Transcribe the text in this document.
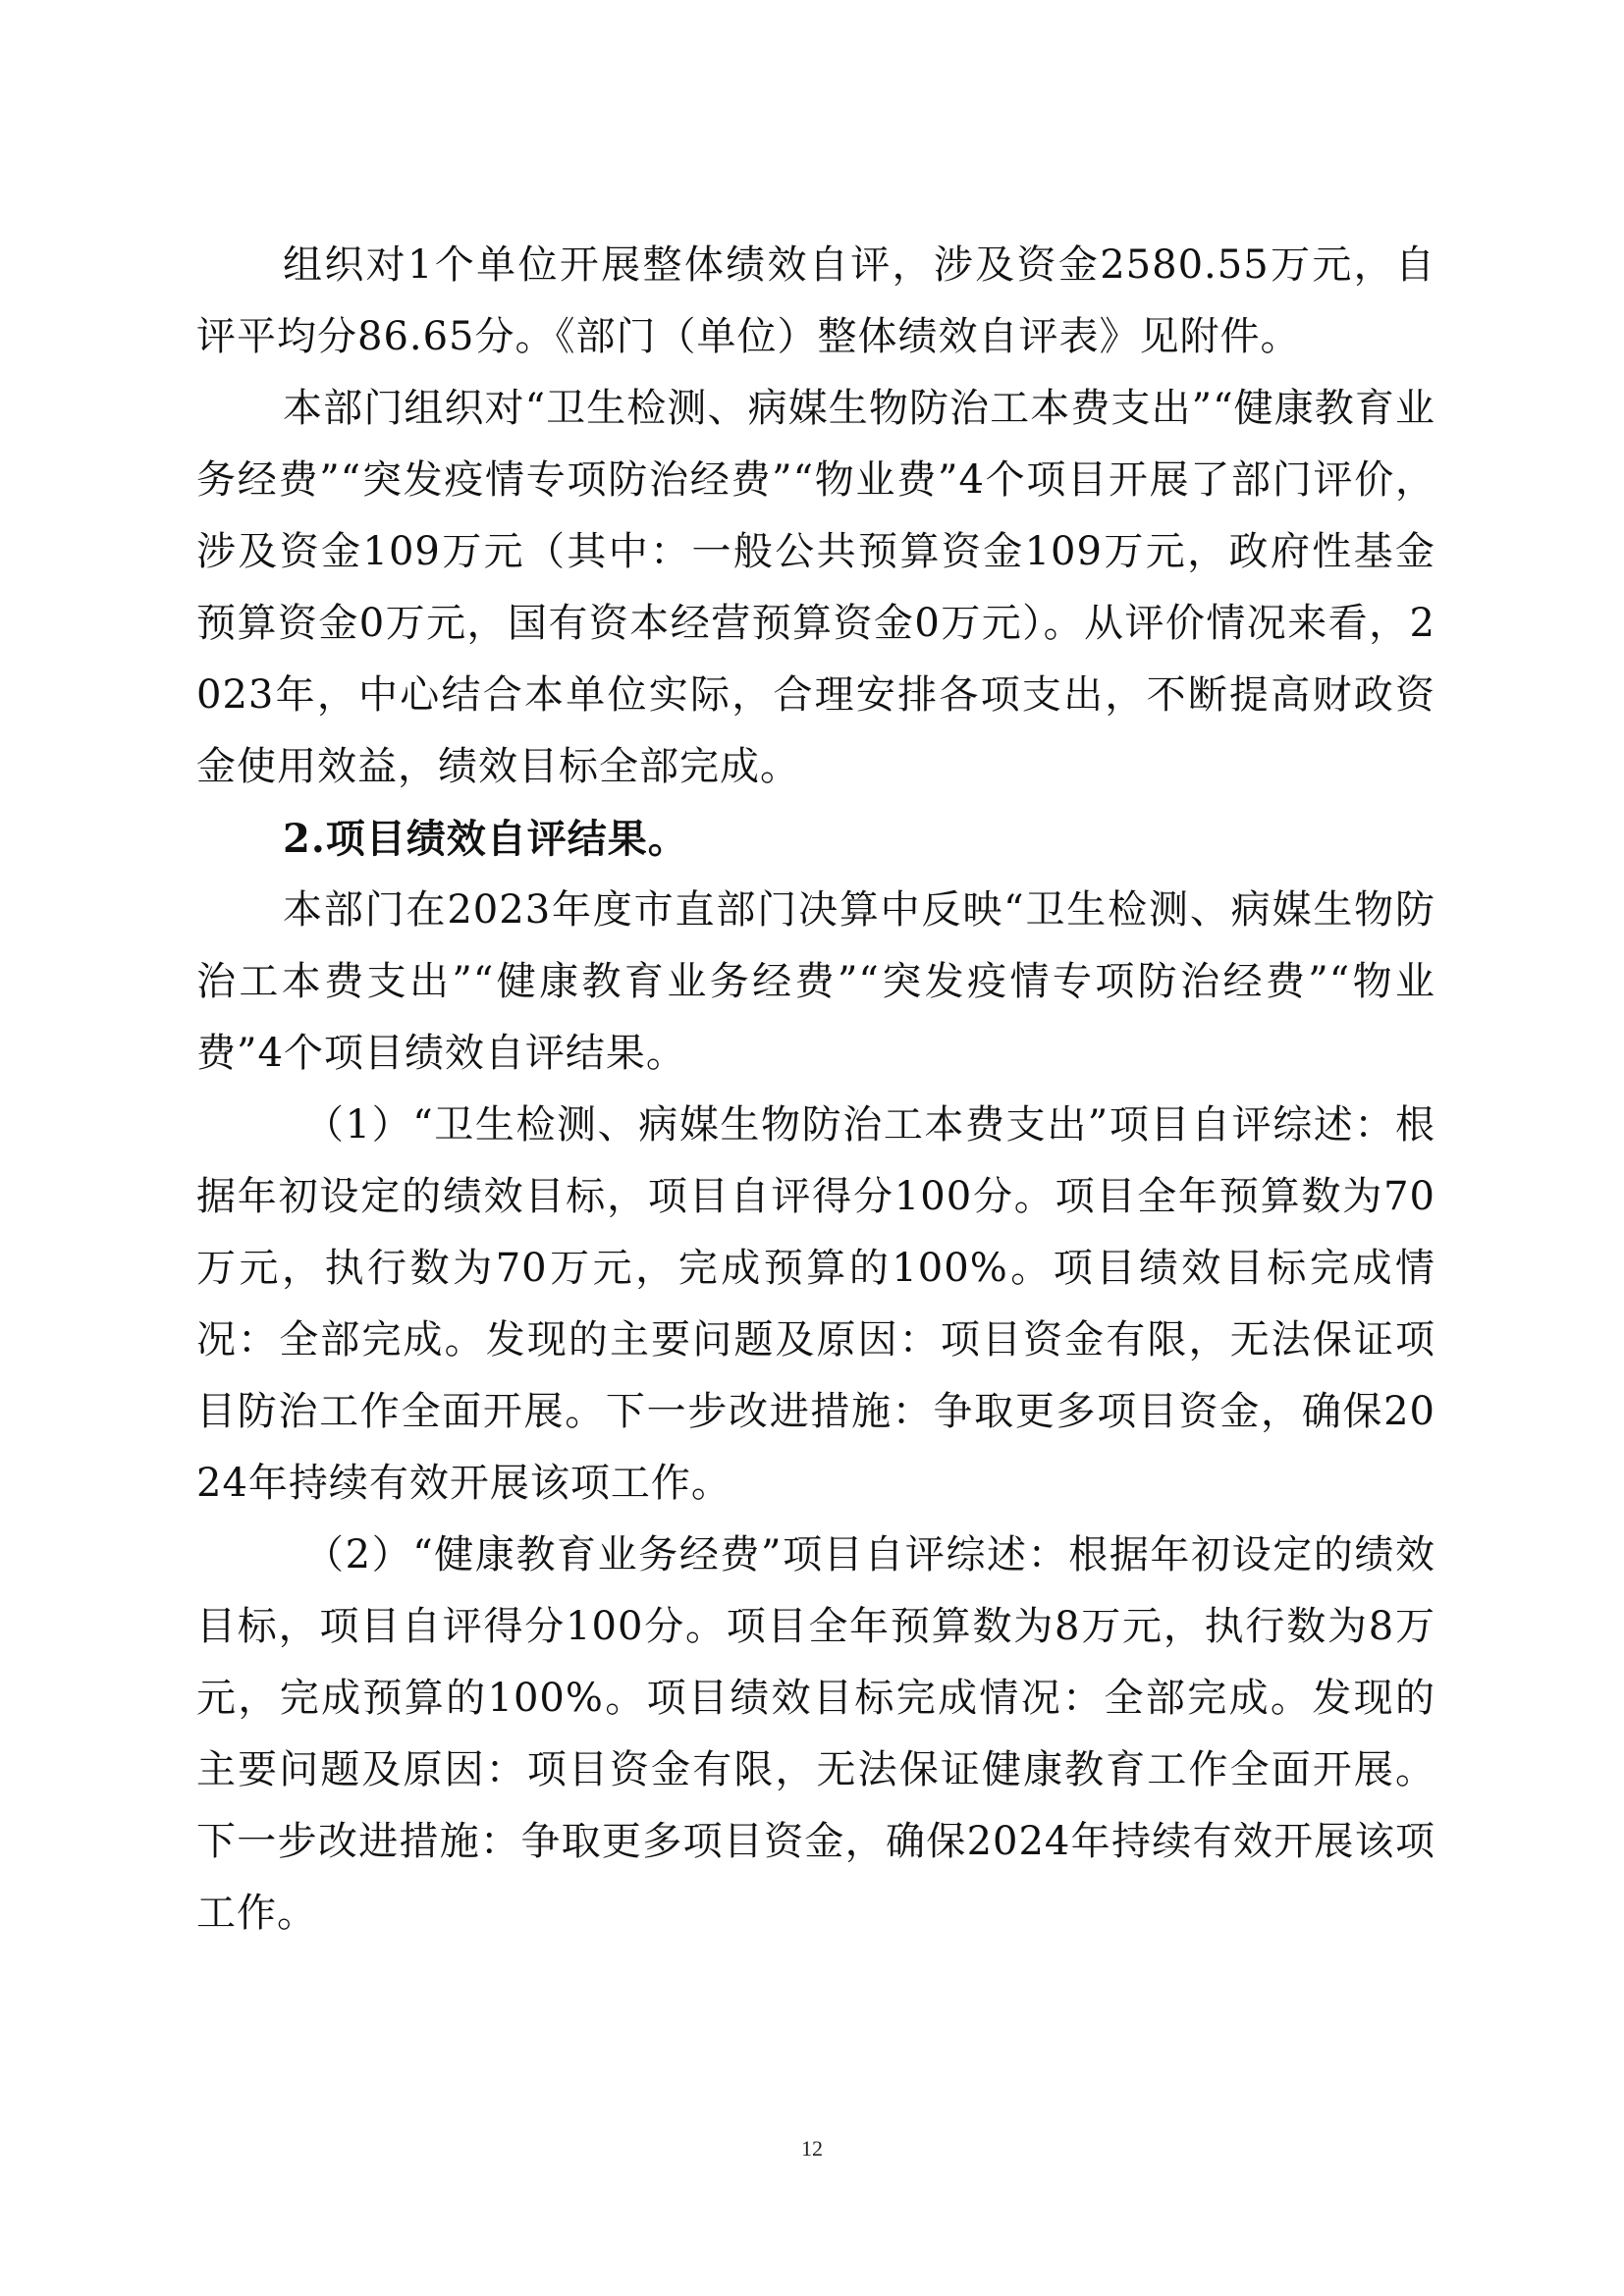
组织对1个单位开展整体绩效自评，涉及资金2580.55万元，自评平均分86.65分。《部门（单位）整体绩效自评表》见附件。

本部门组织对“卫生检测、病媒生物防治工本费支出”“健康教育业务经费”“突发疫情专项防治经费”“物业费”4个项目开展了部门评价，涉及资金109万元（其中：一般公共预算资金109万元，政府性基金预算资金0万元，国有资本经营预算资金0万元）。从评价情况来看，2023年，中心结合本单位实际，合理安排各项支出，不断提高财政资金使用效益，绩效目标全部完成。

2.项目绩效自评结果。

本部门在2023年度市直部门决算中反映“卫生检测、病媒生物防治工本费支出”“健康教育业务经费”“突发疫情专项防治经费”“物业费”4个项目绩效自评结果。

（1）“卫生检测、病媒生物防治工本费支出”项目自评综述：根据年初设定的绩效目标，项目自评得分100分。项目全年预算数为70万元，执行数为70万元，完成预算的100%。项目绩效目标完成情况：全部完成。发现的主要问题及原因：项目资金有限，无法保证项目防治工作全面开展。下一步改进措施：争取更多项目资金，确保2024年持续有效开展该项工作。

（2）“健康教育业务经费”项目自评综述：根据年初设定的绩效目标，项目自评得分100分。项目全年预算数为8万元，执行数为8万元，完成预算的100%。项目绩效目标完成情况：全部完成。发现的主要问题及原因：项目资金有限，无法保证健康教育工作全面开展。下一步改进措施：争取更多项目资金，确保2024年持续有效开展该项工作。

12
